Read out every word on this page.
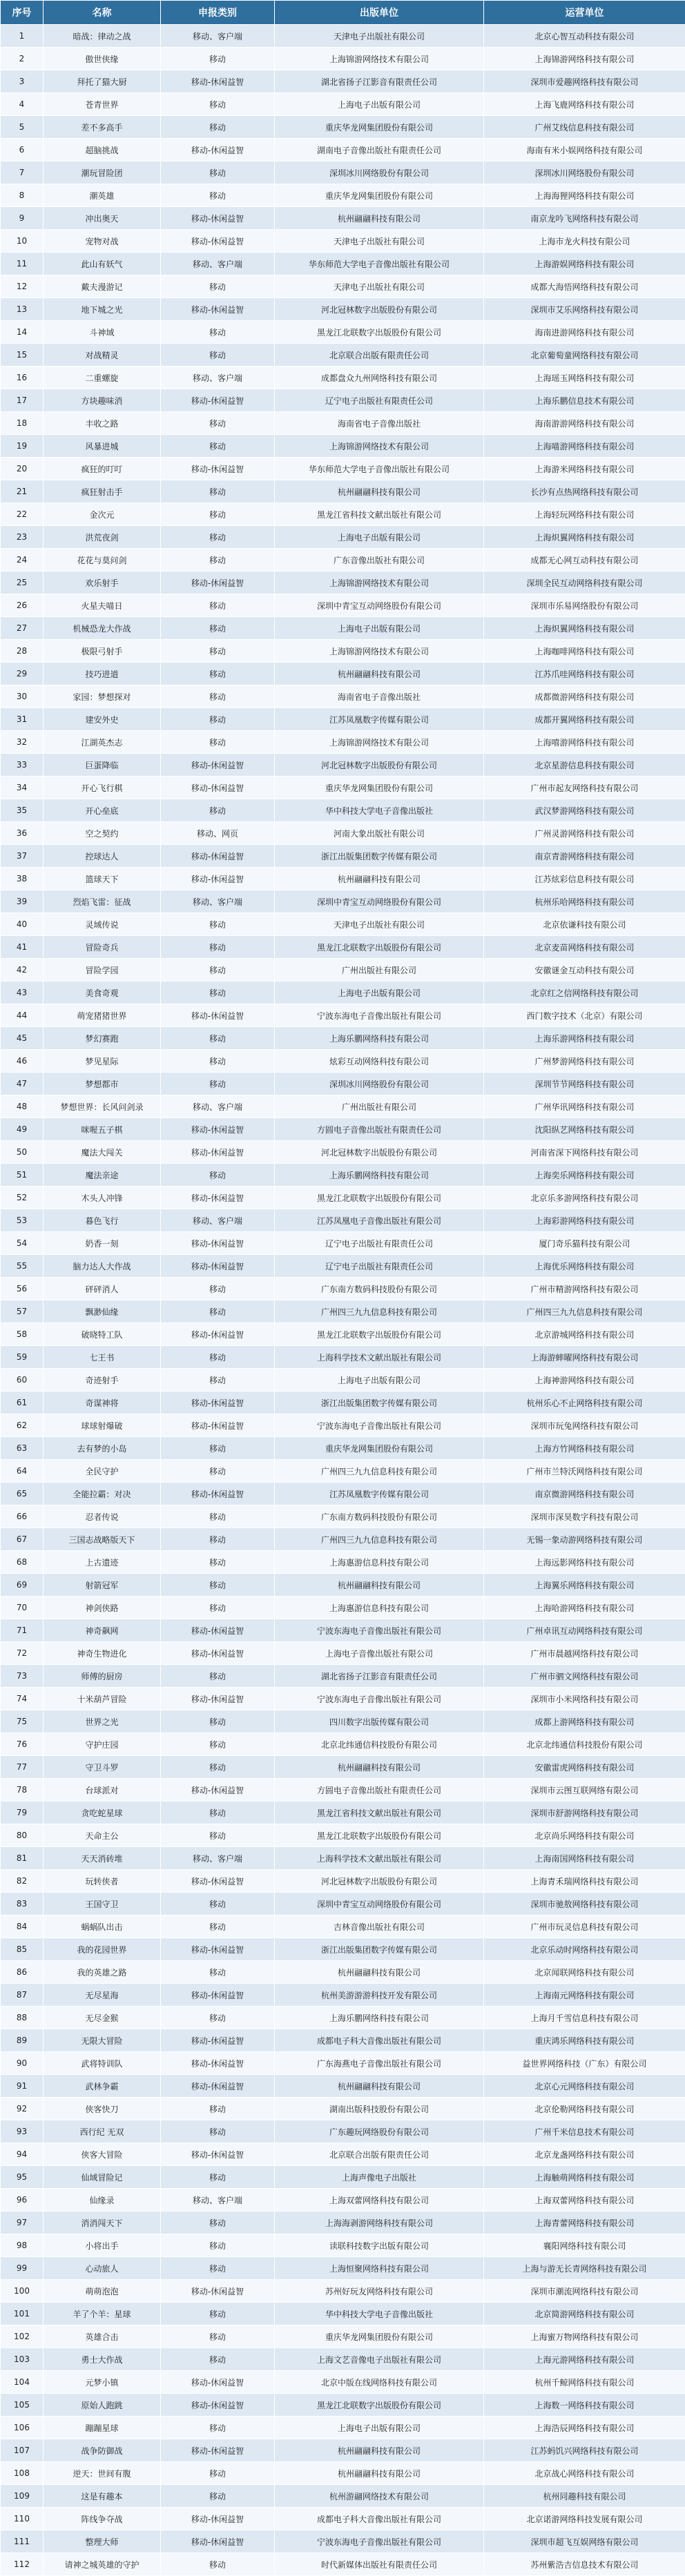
序号	名称	申报类别	出版单位	运营单位
1	暗战：律动之战	移动、客户端	天津电子出版社有限公司	北京心智互动科技有限公司
2	傲世侠缘	移动	上海锦游网络技术有限公司	上海锦游网络科技有限公司
3	拜托了猫大厨	移动-休闲益智	湖北省扬子江影音有限责任公司	深圳市爱趣网络科技有限公司
4	苍青世界	移动	上海电子出版有限公司	上海飞鹿网络科技有限公司
5	差不多高手	移动	重庆华龙网集团股份有限公司	广州艾线信息科技有限公司
6	超脑挑战	移动-休闲益智	湖南电子音像出版社有限责任公司	海南有米小娱网络科技有限公司
7	潮玩冒险团	移动	深圳冰川网络股份有限公司	深圳冰川网络股份有限公司
8	潮英雄	移动	重庆华龙网集团股份有限公司	上海海狸网络科技有限公司
9	冲出奥天	移动-休闲益智	杭州翮翮科技有限公司	南京龙吟飞网络科技有限公司
10	宠物对战	移动-休闲益智	天津电子出版社有限公司	上海市龙火科技有限公司
11	此山有妖气	移动、客户端	华东师范大学电子音像出版社有限公司	上海游娱网络科技有限公司
12	戴夫漫游记	移动	天津电子出版社有限公司	成都大海悟网络科技有限公司
13	地下城之光	移动-休闲益智	河北冠林数字出版股份有限公司	深圳市艾乐网络科技有限公司
14	斗神域	移动	黑龙江北联数字出版股份有限公司	海南进游网络科技有限公司
15	对战精灵	移动	北京联合出版有限责任公司	北京葡萄童网络科技有限公司
16	二重螺旋	移动、客户端	成都盘众九州网络科技有限公司	上海瑶玉网络科技有限公司
17	方块趣味消	移动-休闲益智	辽宁电子出版社有限责任公司	上海乐鹏信息技术有限公司
18	丰收之路	移动	海南省电子音像出版社	海南游游网络科技有限公司
19	风暴进城	移动	上海锦游网络技术有限公司	上海喵游网络科技有限公司
20	疯狂的叮叮	移动-休闲益智	华东师范大学电子音像出版社有限公司	上海游米网络科技有限公司
21	疯狂射击手	移动	杭州翮翮科技有限公司	长沙有点热网络科技有限公司
22	金次元	移动	黑龙江省科技文献出版社有限公司	上海轻玩网络科技有限公司
23	洪荒夜剑	移动	上海电子出版有限公司	上海炽翼网络科技有限公司
24	花花与莫问剑	移动	广东音像出版社有限公司	成都无心网互动科技有限公司
25	欢乐射手	移动-休闲益智	上海锦游网络技术有限公司	深圳全民互动网络科技有限公司
26	火星夫喵日	移动	深圳中青宝互动网络股份有限公司	深圳市乐易网络股份有限公司
27	机械恐龙大作战	移动	上海电子出版有限公司	上海炽翼网络科技有限公司
28	极限弓射手	移动	上海锦游网络技术有限公司	上海咖啡网络科技有限公司
29	技巧进道	移动	杭州翮翮科技有限公司	江苏爪哇网络科技有限公司
30	家园：梦想探对	移动	海南省电子音像出版社	成都微游网络科技有限公司
31	建安外史	移动	江苏凤凰数字传媒有限公司	成都开翼网络科技有限公司
32	江湖英杰志	移动	上海锦游网络技术有限公司	上海嘻游网络科技有限公司
33	巨蛋降临	移动-休闲益智	河北冠林数字出版股份有限公司	北京星游信息科技有限公司
34	开心飞行棋	移动-休闲益智	重庆华龙网集团股份有限公司	广州市起友网络科技有限公司
35	开心垒底	移动	华中科技大学电子音像出版社	武汉梦游网络科技有限公司
36	空之契约	移动、网页	河南大象出版社有限公司	广州灵游网络科技有限公司
37	控球达人	移动-休闲益智	浙江出版集团数字传媒有限公司	南京青游网络科技有限公司
38	篮球天下	移动-休闲益智	杭州翮翮科技有限公司	江苏炫彩信息科技有限公司
39	烈焰飞雷：征战	移动、客户端	深圳中青宝互动网络股份有限公司	杭州乐哈网络科技有限公司
40	灵域传说	移动	天津电子出版社有限公司	北京依谦科技有限公司
41	冒险奇兵	移动	黑龙江北联数字出版股份有限公司	北京麦苗网络科技有限公司
42	冒险学园	移动	广州出版社有限公司	安徽谜金互动科技有限公司
43	美食奇观	移动	上海电子出版有限公司	北京红之信网络科技有限公司
44	萌宠猪猪世界	移动-休闲益智	宁波东海电子音像出版社有限公司	西门数字技术（北京）有限公司
45	梦幻赛跑	移动	上海乐鹏网络科技有限公司	上海乐游网络科技有限公司
46	梦见星际	移动	炫彩互动网络科技有限公司	广州梦游网络科技有限公司
47	梦想都市	移动	深圳冰川网络股份有限公司	深圳节节网络科技有限公司
48	梦想世界：长风问剑录	移动、客户端	广州出版社有限公司	广州华讯网络科技有限公司
49	咪喔五子棋	移动-休闲益智	方圆电子音像出版社有限责任公司	沈阳纵艺网络科技有限公司
50	魔法大闯关	移动-休闲益智	河北冠林数字出版股份有限公司	河南省深下网络科技有限公司
51	魔法亲途	移动	上海乐鹏网络科技有限公司	上海奕乐网络科技有限公司
52	木头人冲锋	移动-休闲益智	黑龙江北联数字出版股份有限公司	北京乐多游网络科技有限公司
53	暮色飞行	移动、客户端	江苏凤凰电子音像出版社有限公司	上海彩游网络科技有限公司
54	奶香一刻	移动-休闲益智	辽宁电子出版社有限责任公司	厦门奇乐猫科技有限公司
55	脑力达人大作战	移动-休闲益智	辽宁电子出版社有限责任公司	上海优乐网络科技有限公司
56	砰砰消人	移动	广东南方数码科技股份有限公司	广州市精游网络科技有限公司
57	飘渺仙缘	移动	广州四三九九信息科技有限公司	广州四三九九信息科技有限公司
58	破晓特工队	移动-休闲益智	黑龙江北联数字出版股份有限公司	北京游城网络科技有限公司
59	七王书	移动	上海科学技术文献出版社有限公司	上海游蟀曜网络科技有限公司
60	奇迹射手	移动	上海电子出版有限公司	上海神游网络科技有限公司
61	奇谋神将	移动-休闲益智	浙江出版集团数字传媒有限公司	杭州乐心不止网络科技有限公司
62	球球射爆破	移动-休闲益智	宁波东海电子音像出版社有限公司	深圳市玩兔网络科技有限公司
63	去有梦的小岛	移动	重庆华龙网集团股份有限公司	上海方竹网络科技有限公司
64	全民守护	移动	广州四三九九信息科技有限公司	广州市兰特沃网络科技有限公司
65	全能拉霸：对决	移动-休闲益智	江苏凤凰数字传媒有限公司	南京微游网络科技有限公司
66	忍者传说	移动	广东南方数码科技股份有限公司	深圳市深昊数字科技有限公司
67	三国志战略版天下	移动	广州四三九九信息科技有限公司	无锡一象动游网络科技有限公司
68	上古遗迹	移动	上海惠游信息科技有限公司	上海远影网络科技有限公司
69	射箭冠军	移动	杭州翮翮科技有限公司	上海翼乐网络科技有限公司
70	神剑侠路	移动	上海惠游信息科技有限公司	上海哈游网络科技有限公司
71	神奇飙网	移动-休闲益智	宁波东海电子音像出版社有限公司	广州卓讯互动网络科技有限公司
72	神奇生物进化	移动-休闲益智	上海电子音像出版社有限公司	广州市晨越网络科技有限公司
73	师傅的厨房	移动	湖北省扬子江影音有限责任公司	广州市驷文网络科技有限公司
74	十米葫芦冒险	移动-休闲益智	宁波东海电子音像出版社有限公司	深圳市小米网络科技有限公司
75	世界之光	移动	四川数字出版传媒有限公司	成都上游网络科技有限公司
76	守护庄园	移动	北京北纬通信科技股份有限公司	北京北纬通信科技股份有限公司
77	守卫斗罗	移动	杭州翮翮科技有限公司	安徽雷虎网络科技有限公司
78	台球派对	移动-休闲益智	方圆电子音像出版社有限责任公司	深圳市云图互联网络有限公司
79	贪吃蛇星球	移动	黑龙江省科技文献出版社有限公司	深圳市舒游网络科技有限公司
80	天命主公	移动	黑龙江北联数字出版股份有限公司	北京尚乐网络科技有限公司
81	天天消砖堆	移动、客户端	上海科学技术文献出版社有限公司	上海南国网络科技有限公司
82	玩转侠者	移动-休闲益智	河北冠林数字出版股份有限公司	上海青禾瑞网络科技有限公司
83	王国守卫	移动	深圳中青宝互动网络股份有限公司	深圳市驰敖网络科技有限公司
84	蜗蜗队出击	移动	吉林音像出版社有限公司	广州市玩灵信息科技有限公司
85	我的花园世界	移动-休闲益智	浙江出版集团数字传媒有限公司	北京乐动时网络科技有限公司
86	我的英雄之路	移动	杭州翮翮科技有限公司	北京闻联网络科技有限公司
87	无尽星海	移动-休闲益智	杭州美游游游科技开发有限公司	上海南元网络科技有限公司
88	无尽金猴	移动	上海乐鹏网络科技有限公司	上海月千雪信息科技有限公司
89	无限大冒险	移动-休闲益智	成都电子科大音像出版社有限公司	重庆鸿乐网络科技有限公司
90	武将特训队	移动-休闲益智	广东海燕电子音像出版社有限公司	益世界网络科技（广东）有限公司
91	武林争霸	移动-休闲益智	杭州翮翮科技有限公司	北京心元网络科技有限公司
92	侠客快刀	移动	湖南出版科技股份有限公司	北京伦勒网络科技有限公司
93	西行纪 无双	移动	广东趣玩网络股份有限公司	广州千米信息技术有限公司
94	侠客大冒险	移动-休闲益智	北京联合出版有限责任公司	北京龙盏网络科技有限公司
95	仙域冒险记	移动	上海声像电子出版社	上海触萌网络科技有限公司
96	仙缘录	移动、客户端	上海双蕾网络科技有限公司	上海双蕾网络科技有限公司
97	消消闯天下	移动	上海海剥游网络科技有限公司	上海青蕾网络科技有限公司
98	小将出手	移动	读联科技数字出版有限公司	襄阳网络科技有限公司
99	心动旅人	移动	上海恒聚网络科技有限公司	上海与游无长青网络科技有限公司
100	萌萌泡泡	移动-休闲益智	苏州好玩友网络科技有限公司	深圳市潮流网络科技有限公司
101	羊了个羊：星球	移动	华中科技大学电子音像出版社	北京简游网络科技有限公司
102	英雄合击	移动	重庆华龙网集团股份有限公司	上海蜜万物网络科技有限公司
103	勇士大作战	移动	上海文艺音像电子出版社有限公司	上海元游网络科技有限公司
104	元梦小镇	移动-休闲益智	北京中版在线网络科技有限公司	杭州千鲸网络科技有限公司
105	原始人跑跳	移动-休闲益智	黑龙江北联数字出版股份有限公司	上海数一网络科技有限公司
106	蹦蹦星球	移动	上海电子出版有限公司	上海浩辰网络科技有限公司
107	战争防御战	移动-休闲益智	杭州翮翮科技有限公司	江苏蚂饥兴网络科技有限公司
108	逆天：世间有腹	移动	杭州翮翮科技有限公司	北京战心网络科技有限公司
109	这是有趣本	移动	杭州游翮网络技术有限公司	杭州同趣科技有限公司
110	阵线争夺战	移动-休闲益智	成都电子科大音像出版社有限公司	北京诺游网络科技发展有限公司
111	整理大师	移动-休闲益智	宁波东海电子音像出版社有限公司	深圳市超飞互娱网络有限公司
112	请神之城英雄的守护	移动	时代新媒体出版社有限责任公司	苏州紫浩吉信息技术有限公司
